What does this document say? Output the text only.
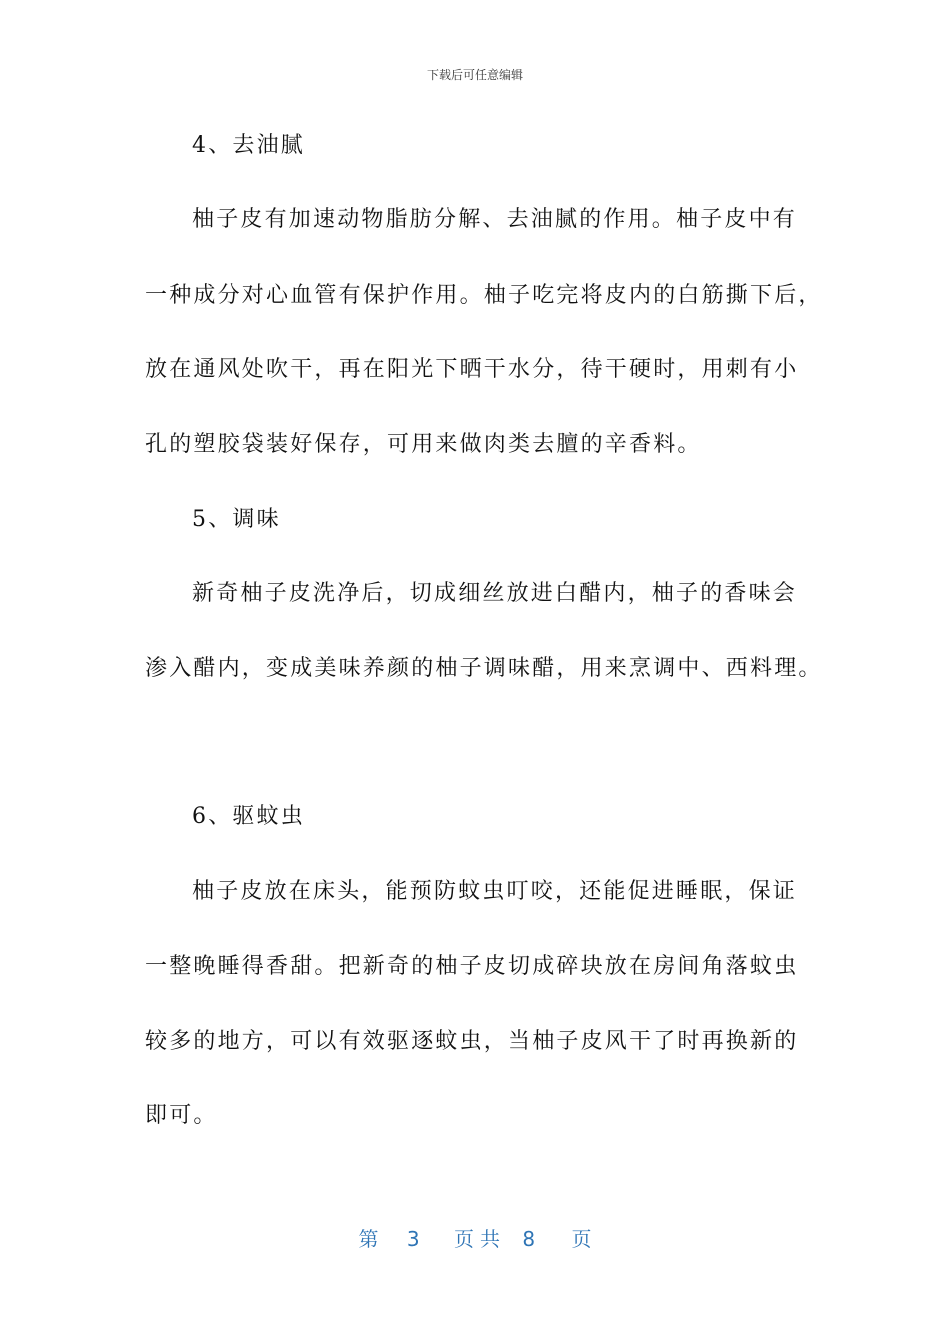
下载后可任意编辑
4、去油腻
柚子皮有加速动物脂肪分解、去油腻的作用。柚子皮中有
一种成分对心血管有保护作用。柚子吃完将皮内的白筋撕下后，
放在通风处吹干，再在阳光下晒干水分，待干硬时，用刺有小
孔的塑胶袋装好保存，可用来做肉类去膻的辛香料。
5、调味
新奇柚子皮洗净后，切成细丝放进白醋内，柚子的香味会
渗入醋内，变成美味养颜的柚子调味醋，用来烹调中、西料理。
6、驱蚊虫
柚子皮放在床头，能预防蚊虫叮咬，还能促进睡眠，保证
一整晚睡得香甜。把新奇的柚子皮切成碎块放在房间角落蚊虫
较多的地方，可以有效驱逐蚊虫，当柚子皮风干了时再换新的
即可。
第 3 页共 8 页
